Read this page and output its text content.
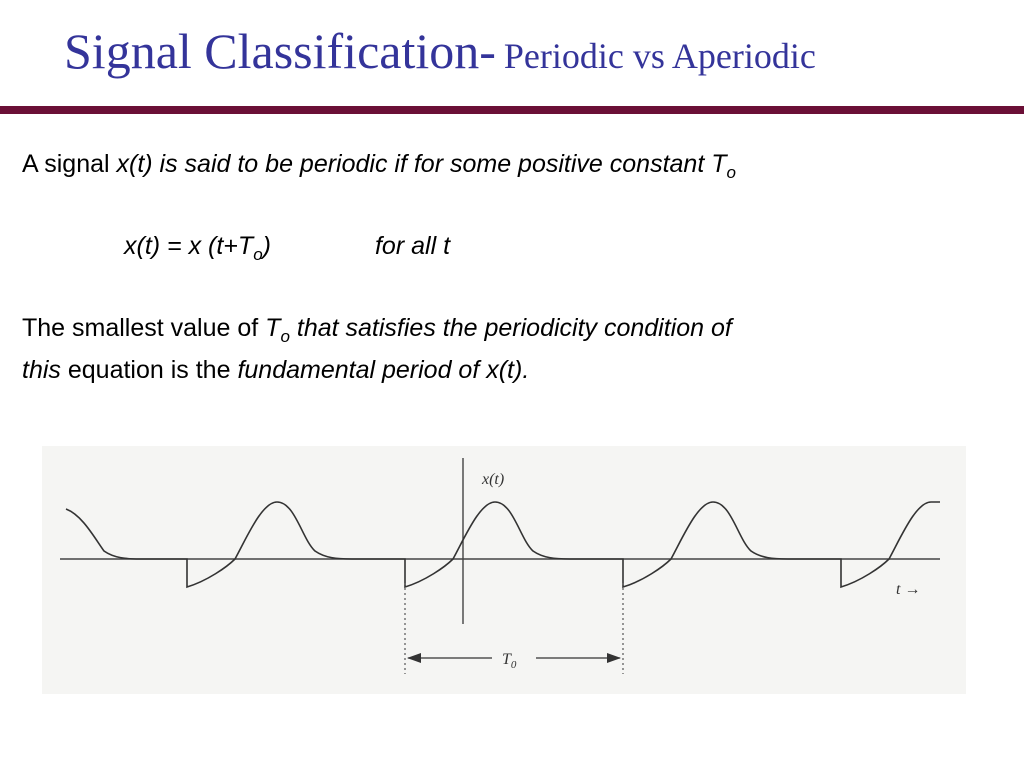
Signal Classification- Periodic vs Aperiodic

A signal x(t) is said to be periodic if for some positive constant $T_o$

x(t) = x $(t+T_o)$	for all t

The smallest value of $T_o$ that satisfies the periodicity condition of

this equation is the fundamental period of x(t).

$T_0$
x(t)
t →
